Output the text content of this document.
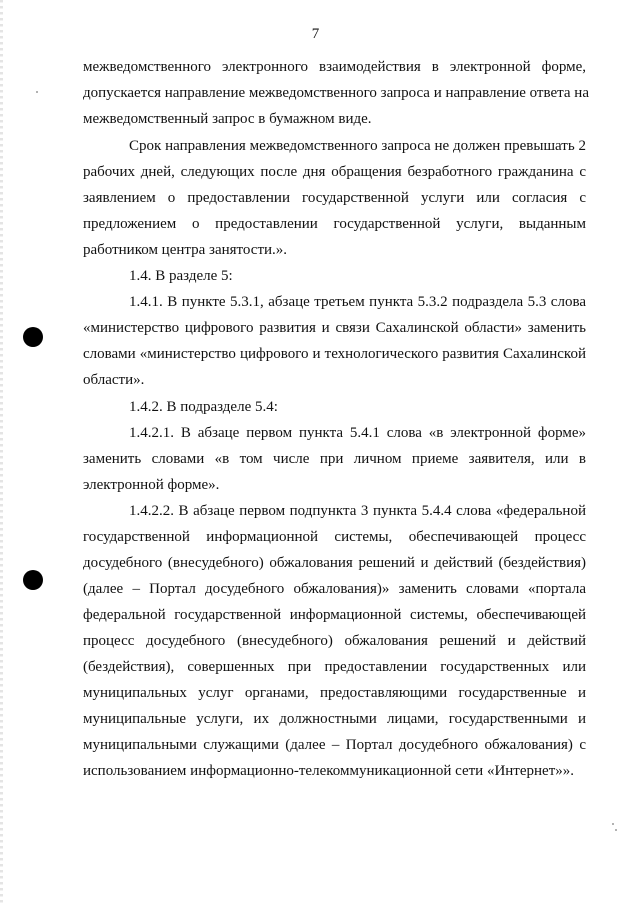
7
межведомственного электронного взаимодействия в электронной форме,
допускается направление межведомственного запроса и направление ответа на
межведомственный запрос в бумажном виде.
Срок направления межведомственного запроса не должен превышать 2
рабочих дней, следующих после дня обращения безработного гражданина с
заявлением о предоставлении государственной услуги или согласия с
предложением о предоставлении государственной услуги, выданным
работником центра занятости.».
1.4. В разделе 5:
1.4.1. В пункте 5.3.1, абзаце третьем пункта 5.3.2 подраздела 5.3 слова
«министерство цифрового развития и связи Сахалинской области» заменить
словами «министерство цифрового и технологического развития Сахалинской
области».
1.4.2. В подразделе 5.4:
1.4.2.1. В абзаце первом пункта 5.4.1 слова «в электронной форме»
заменить словами «в том числе при личном приеме заявителя, или в
электронной форме».
1.4.2.2. В абзаце первом подпункта 3 пункта 5.4.4 слова «федеральной
государственной информационной системы, обеспечивающей процесс
досудебного (внесудебного) обжалования решений и действий (бездействия)
(далее – Портал досудебного обжалования)» заменить словами «портала
федеральной государственной информационной системы, обеспечивающей
процесс досудебного (внесудебного) обжалования решений и действий
(бездействия), совершенных при предоставлении государственных или
муниципальных услуг органами, предоставляющими государственные и
муниципальные услуги, их должностными лицами, государственными и
муниципальными служащими (далее – Портал досудебного обжалования) с
использованием информационно-телекоммуникационной сети «Интернет»».
